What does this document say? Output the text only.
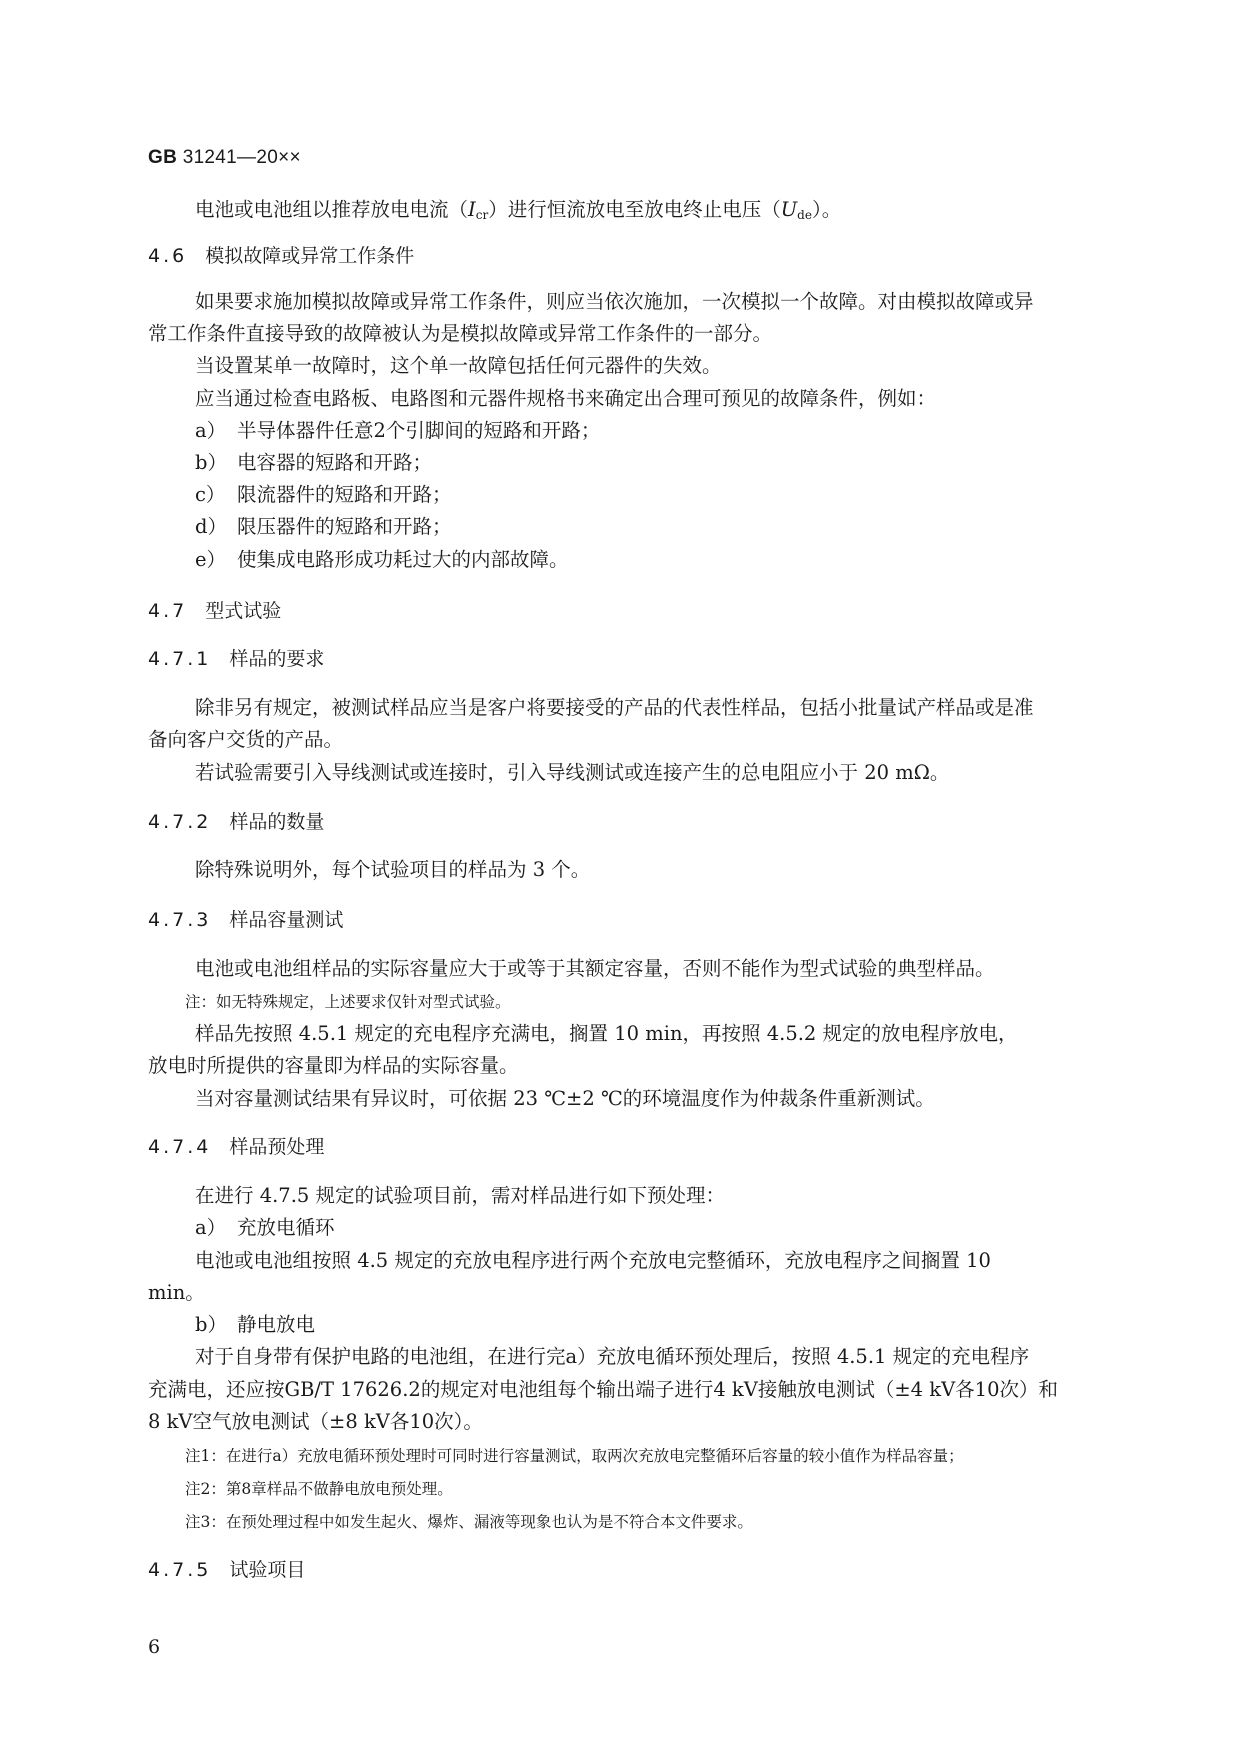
GB 31241—20××
电池或电池组以推荐放电电流$(I_{cr})$进行恒流放电至放电终止电压$(U_{de})$。
4.6 模拟故障或异常工作条件
如果要求施加模拟故障或异常工作条件，则应当依次施加，一次模拟一个故障。对由模拟故障或异
常工作条件直接导致的故障被认为是模拟故障或异常工作条件的一部分。
当设置某单一故障时，这个单一故障包括任何元器件的失效。
应当通过检查电路板、电路图和元器件规格书来确定出合理可预见的故障条件，例如：
a） 半导体器件任意2个引脚间的短路和开路；
b） 电容器的短路和开路；
c） 限流器件的短路和开路；
d） 限压器件的短路和开路；
e） 使集成电路形成功耗过大的内部故障。
4.7 型式试验
4.7.1 样品的要求
除非另有规定，被测试样品应当是客户将要接受的产品的代表性样品，包括小批量试产样品或是准
备向客户交货的产品。
若试验需要引入导线测试或连接时，引入导线测试或连接产生的总电阻应小于 20 mΩ。
4.7.2 样品的数量
除特殊说明外，每个试验项目的样品为 3 个。
4.7.3 样品容量测试
电池或电池组样品的实际容量应大于或等于其额定容量，否则不能作为型式试验的典型样品。
注：如无特殊规定，上述要求仅针对型式试验。
样品先按照 4.5.1 规定的充电程序充满电，搁置 10 min，再按照 4.5.2 规定的放电程序放电，
放电时所提供的容量即为样品的实际容量。
当对容量测试结果有异议时，可依据 23 ℃±2 ℃的环境温度作为仲裁条件重新测试。
4.7.4 样品预处理
在进行 4.7.5 规定的试验项目前，需对样品进行如下预处理：
a） 充放电循环
电池或电池组按照 4.5 规定的充放电程序进行两个充放电完整循环，充放电程序之间搁置 10
min。
b） 静电放电
对于自身带有保护电路的电池组，在进行完a）充放电循环预处理后，按照 4.5.1 规定的充电程序
充满电，还应按GB/T 17626.2的规定对电池组每个输出端子进行4 kV接触放电测试（±4 kV各10次）和
8 kV空气放电测试（±8 kV各10次）。
注1：在进行a）充放电循环预处理时可同时进行容量测试，取两次充放电完整循环后容量的较小值作为样品容量；
注2：第8章样品不做静电放电预处理。
注3：在预处理过程中如发生起火、爆炸、漏液等现象也认为是不符合本文件要求。
4.7.5 试验项目
6
